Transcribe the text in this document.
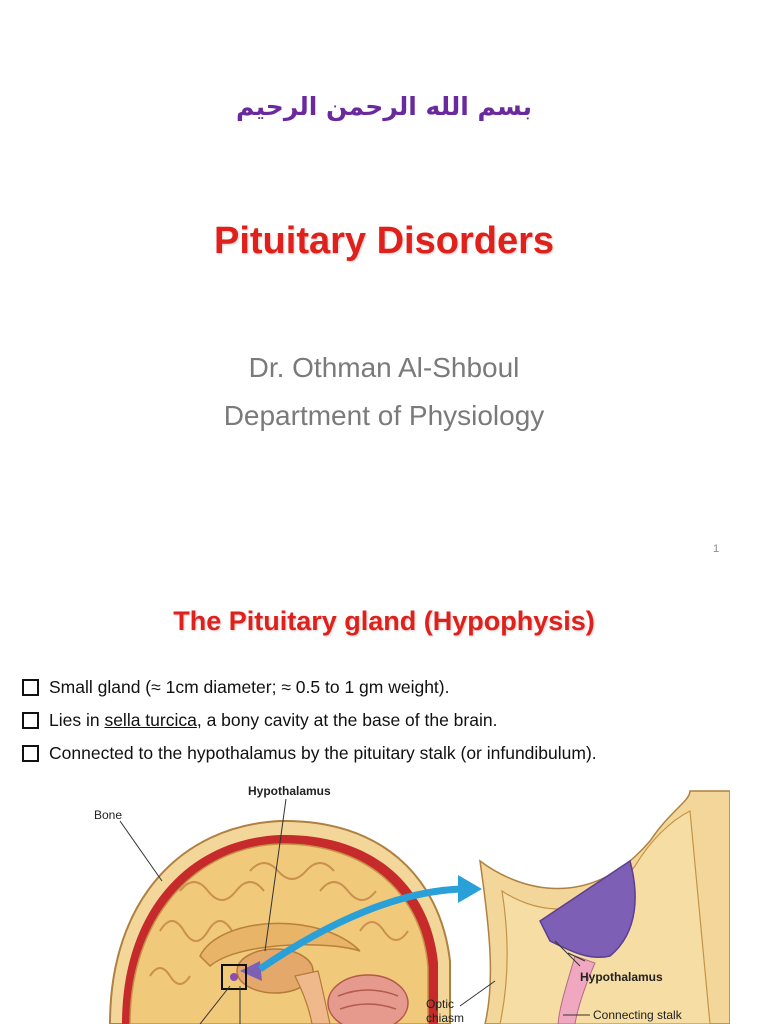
بسم الله الرحمن الرحيم
Pituitary Disorders
Dr. Othman Al-Shboul
Department of Physiology
1
The Pituitary gland (Hypophysis)
Small gland (≈ 1cm diameter; ≈ 0.5 to 1 gm weight).
Lies in sella turcica, a bony cavity at the base of the brain.
Connected to the hypothalamus by the pituitary stalk (or infundibulum).
Hypothalamus
Bone
Hypothalamus
Optic
chiasm	Connecting stalk
